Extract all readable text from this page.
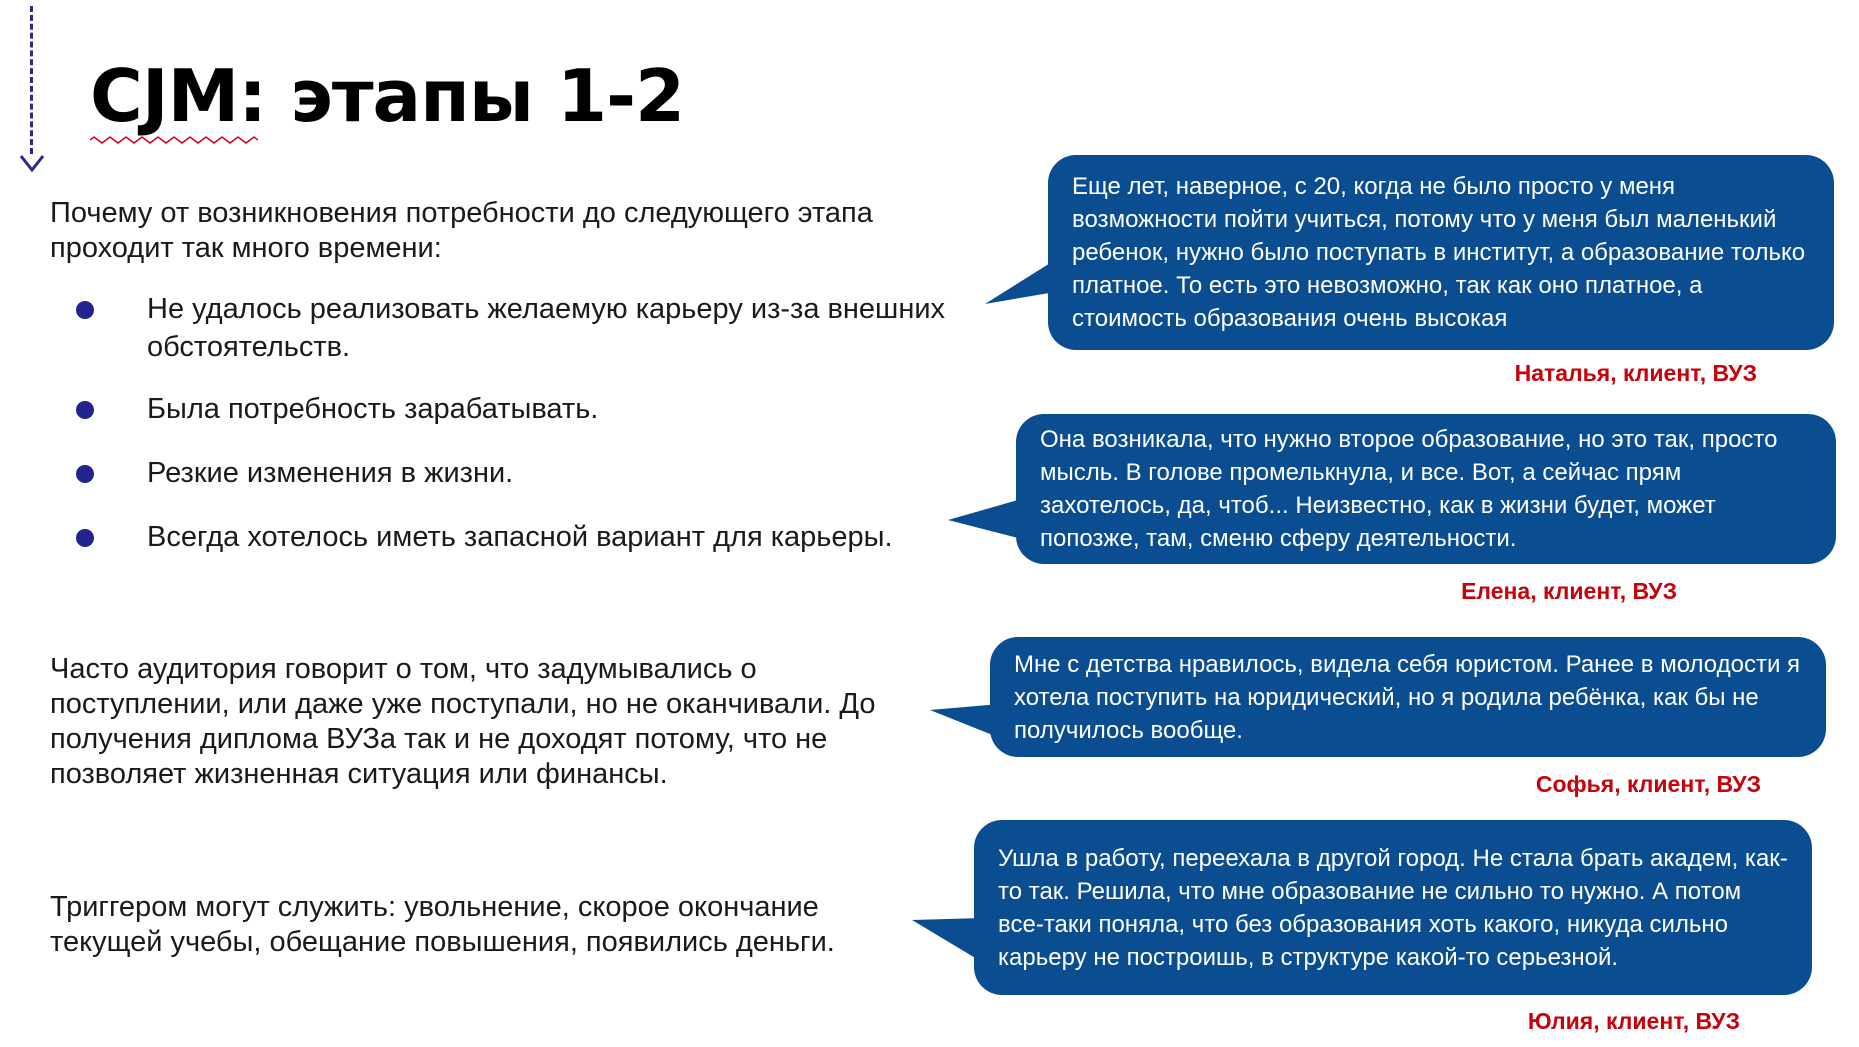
CJM: этапы 1-2

Почему от возникновения потребности до следующего этапа проходит так много времени:

Не удалось реализовать желаемую карьеру из-за внешних обстоятельств.
Была потребность зарабатывать.
Резкие изменения в жизни.
Всегда хотелось иметь запасной вариант для карьеры.

Часто аудитория говорит о том, что задумывались о поступлении, или даже уже поступали, но не оканчивали. До получения диплома ВУЗа так и не доходят потому, что не позволяет жизненная ситуация или финансы.

Триггером могут служить: увольнение, скорое окончание текущей учебы, обещание повышения, появились деньги.

Еще лет, наверное, с 20, когда не было просто у меня возможности пойти учиться, потому что у меня был маленький ребенок, нужно было поступать в институт, а образование только платное. То есть это невозможно, так как оно платное, а стоимость образования очень высокая

Наталья, клиент, ВУЗ

Она возникала, что нужно второе образование, но это так, просто мысль. В голове промелькнула, и все. Вот, а сейчас прям захотелось, да, чтоб... Неизвестно, как в жизни будет, может попозже, там, сменю сферу деятельности.

Елена, клиент, ВУЗ

Мне с детства нравилось, видела себя юристом. Ранее в молодости я хотела поступить на юридический, но я родила ребёнка, как бы не получилось вообще.

Софья, клиент, ВУЗ

Ушла в работу, переехала в другой город. Не стала брать академ, как-то так. Решила, что мне образование не сильно то нужно. А потом все-таки поняла, что без образования хоть какого, никуда сильно карьеру не построишь, в структуре какой-то серьезной.

Юлия, клиент, ВУЗ
